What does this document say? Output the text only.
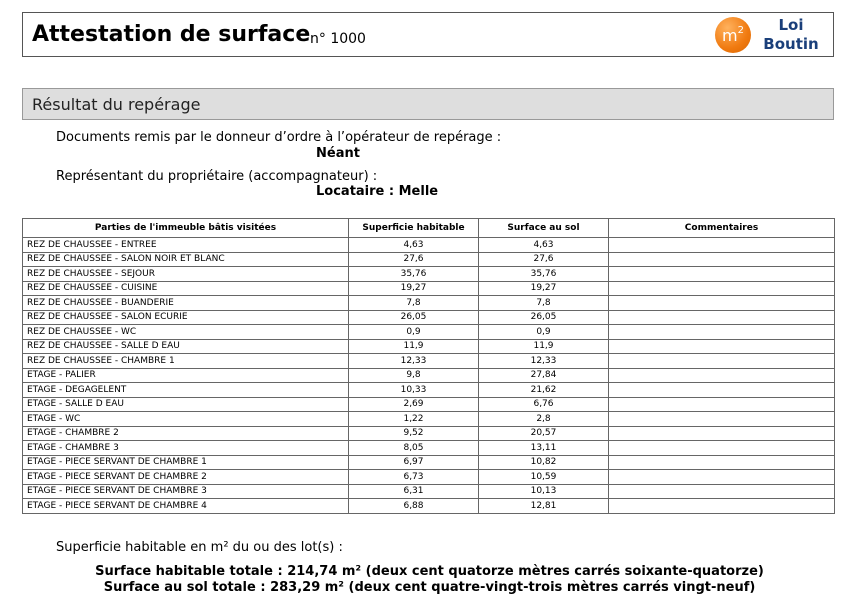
Attestation de surface n° 1000	$m^2$	Loi
Boutin
Résultat du repérage
Documents remis par le donneur d’ordre à l’opérateur de repérage :
Néant
Représentant du propriétaire (accompagnateur) :
Locataire : Melle
Parties de l'immeuble bâtis visitées	Superficie habitable	Surface au sol	Commentaires
REZ DE CHAUSSEE - ENTREE	4,63	4,63	
REZ DE CHAUSSEE - SALON NOIR ET BLANC	27,6	27,6	
REZ DE CHAUSSEE - SEJOUR	35,76	35,76	
REZ DE CHAUSSEE - CUISINE	19,27	19,27	
REZ DE CHAUSSEE - BUANDERIE	7,8	7,8	
REZ DE CHAUSSEE - SALON ECURIE	26,05	26,05	
REZ DE CHAUSSEE - WC	0,9	0,9	
REZ DE CHAUSSEE - SALLE D EAU	11,9	11,9	
REZ DE CHAUSSEE - CHAMBRE 1	12,33	12,33	
ETAGE - PALIER	9,8	27,84	
ETAGE - DEGAGELENT	10,33	21,62	
ETAGE - SALLE D EAU	2,69	6,76	
ETAGE - WC	1,22	2,8	
ETAGE - CHAMBRE 2	9,52	20,57	
ETAGE - CHAMBRE 3	8,05	13,11	
ETAGE - PIECE SERVANT DE CHAMBRE 1	6,97	10,82	
ETAGE - PIECE SERVANT DE CHAMBRE 2	6,73	10,59	
ETAGE - PIECE SERVANT DE CHAMBRE 3	6,31	10,13	
ETAGE - PIECE SERVANT DE CHAMBRE 4	6,88	12,81	
Superficie habitable en m² du ou des lot(s) :
Surface habitable totale : 214,74 m² (deux cent quatorze mètres carrés soixante-quatorze)
Surface au sol totale : 283,29 m² (deux cent quatre-vingt-trois mètres carrés vingt-neuf)
